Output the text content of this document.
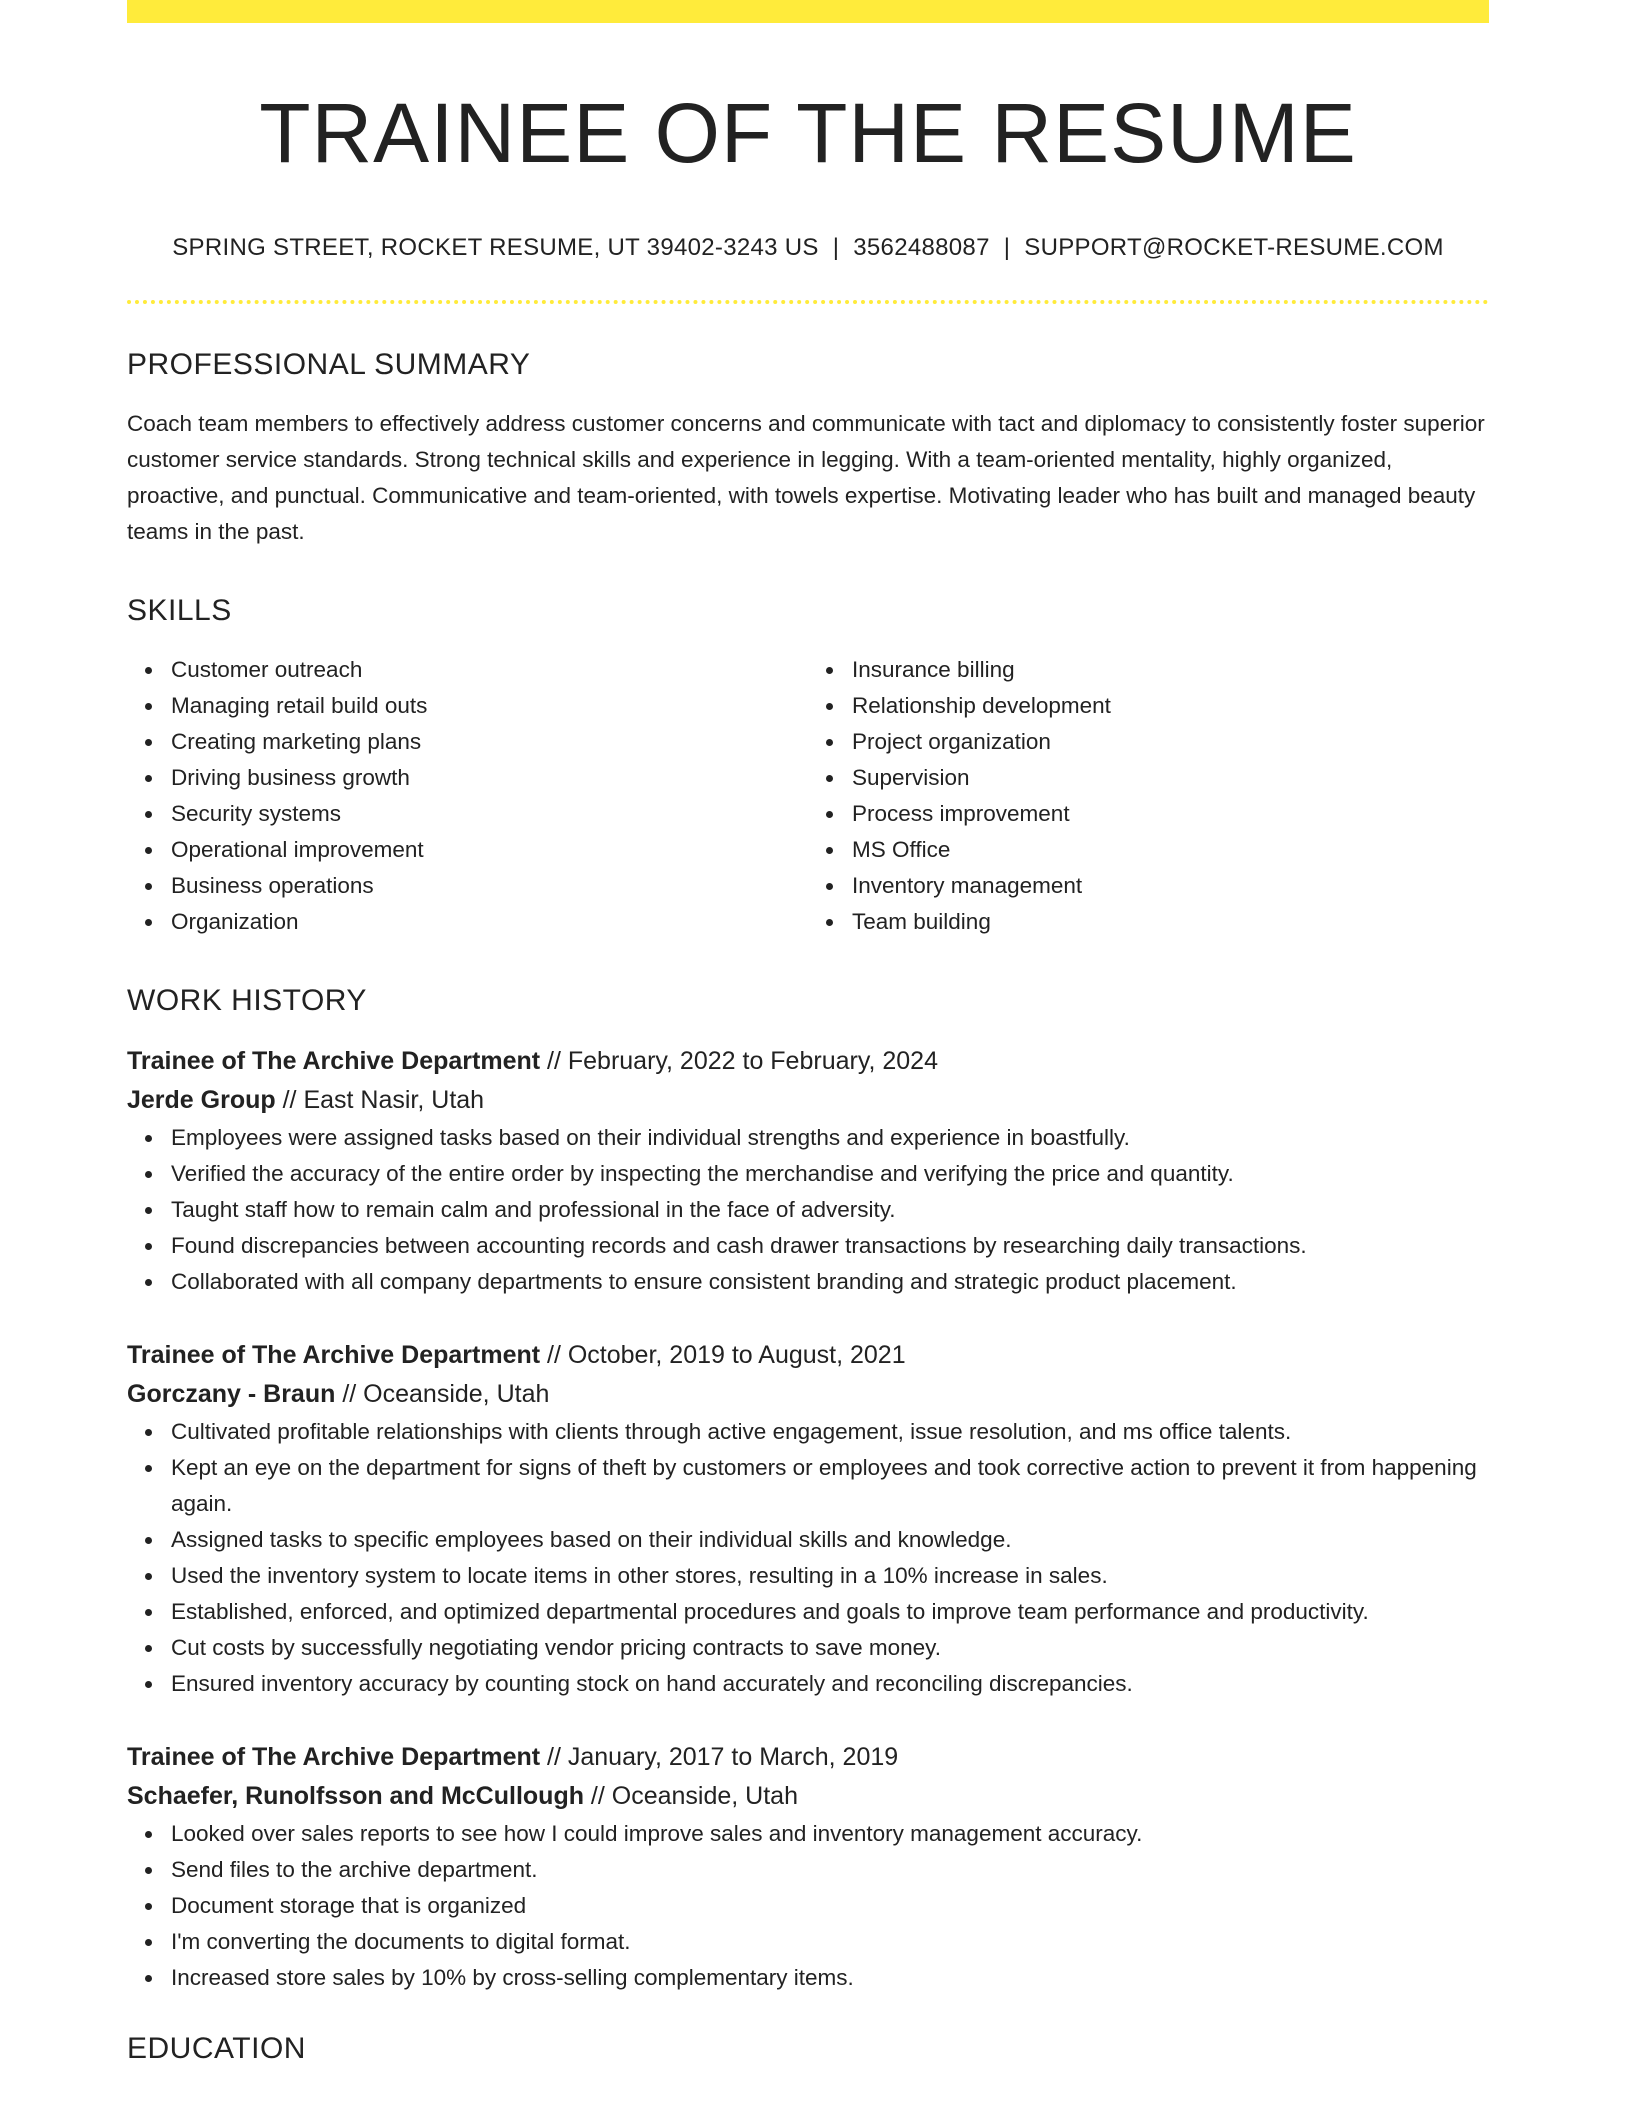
TRAINEE OF THE RESUME
SPRING STREET, ROCKET RESUME, UT 39402-3243 US | 3562488087 | SUPPORT@ROCKET-RESUME.COM
PROFESSIONAL SUMMARY

Coach team members to effectively address customer concerns and communicate with tact and diplomacy to consistently foster superior customer service standards. Strong technical skills and experience in legging. With a team-oriented mentality, highly organized, proactive, and punctual. Communicative and team-oriented, with towels expertise. Motivating leader who has built and managed beauty teams in the past.

SKILLS
Customer outreach
Managing retail build outs
Creating marketing plans
Driving business growth
Security systems
Operational improvement
Business operations
Organization
Insurance billing
Relationship development
Project organization
Supervision
Process improvement
MS Office
Inventory management
Team building
WORK HISTORY
Trainee of The Archive Department // February, 2022 to February, 2024
Jerde Group // East Nasir, Utah
Employees were assigned tasks based on their individual strengths and experience in boastfully.
Verified the accuracy of the entire order by inspecting the merchandise and verifying the price and quantity.
Taught staff how to remain calm and professional in the face of adversity.
Found discrepancies between accounting records and cash drawer transactions by researching daily transactions.
Collaborated with all company departments to ensure consistent branding and strategic product placement.
Trainee of The Archive Department // October, 2019 to August, 2021
Gorczany - Braun // Oceanside, Utah
Cultivated profitable relationships with clients through active engagement, issue resolution, and ms office talents.
Kept an eye on the department for signs of theft by customers or employees and took corrective action to prevent it from happening again.
Assigned tasks to specific employees based on their individual skills and knowledge.
Used the inventory system to locate items in other stores, resulting in a 10% increase in sales.
Established, enforced, and optimized departmental procedures and goals to improve team performance and productivity.
Cut costs by successfully negotiating vendor pricing contracts to save money.
Ensured inventory accuracy by counting stock on hand accurately and reconciling discrepancies.
Trainee of The Archive Department // January, 2017 to March, 2019
Schaefer, Runolfsson and McCullough // Oceanside, Utah
Looked over sales reports to see how I could improve sales and inventory management accuracy.
Send files to the archive department.
Document storage that is organized
I'm converting the documents to digital format.
Increased store sales by 10% by cross-selling complementary items.
EDUCATION
